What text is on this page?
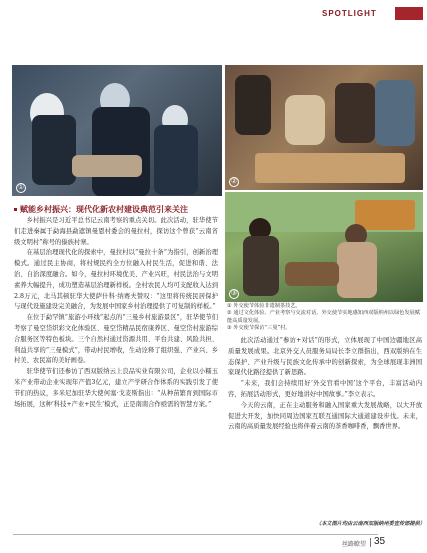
SPOTLIGHT
①
②
③
赋能乡村振兴：现代化新农村建设典范引来关注

乡村振兴是习近平总书记云南考察的重点关切。此次活动，驻华使节们走进秦属于勐海县勐遮镇曼恩村委会的曼拉村，探访这个曾获“云南省级文明村”称号的傣族村寨。

在基层治理现代化的探索中，曼拉村以“曼拉十条”为指引，创新治理模式。通过民主协商，将村规民约全方位融入村民生活，促进和谐、法治、自治深度融合。如今，曼拉村环境优美、产业兴旺，村民法治与文明素养大幅提升，成功塑造基层治理新样板。全村农民人均可支配收入达到2.8万元，北马其顿驻华大使萨什科·纳赛夫赞叹：“这里将传统民居保护与现代设施建设完美融合，为发展中国家乡村治理提供了可复制的样板。”

在位于勐罕镇“旅游小环线”起点的“三曼乡村旅游景区”，驻华使节们考察了曼空岱织彩文化体验区、曼空岱精品民宿康养区、曼空岱村旅游综合服务区等特色板块。三个自然村通过资源共用、平台共建、风险共担、利益共享的“三曼模式”，带动村民增收，生动诠释了组织强、产业兴、乡村美、农民富的美好画卷。

驻华使节们还参访了西双版纳云上良品实业有限公司，企业以小糯玉米产业带动企业实现年产值3亿元，建立产学研合作体系的实践引发了使节们的热议，多米尼加驻华大使何塞·戈麦斯指出：“从种苗繁育到国际市场拓展，这种‘科技+产业+民生’模式，正是南南合作亟需的智慧方案。”

① 外交使节体验非遗制茶技艺。
② 通过文化体验、产业考察与交流对话，外交使节实地感知西双版纳州以绿色发展赋能高质量发展。
③ 外交使节探访“三曼”村。

此次活动通过“参访+对话”的形式，立体展现了中国边疆地区高质量发展成果。北京外交人员服务局局长李立群指出，西双版纳在生态保护、产业升级与民族文化传承中的创新探索，为全球展现非洲国家现代化路径提供了新思路。

“未来，我们会持续用好‘外交官看中国’这个平台，丰富活动内容，拓展活动形式，更好地讲好中国故事。”李立表示。

今天的云南，正在主动服务和融入国家重大发展战略，以大开放促进大开发，加快同周边国家互联互通国际大通道建设步伐。未来，云南的高质量发展经验也将伴着云南的茶香咖啡香，飘香世界。

（本文图片均由云南西双版纳州委宣传部提供）
丝路瞭望 35
